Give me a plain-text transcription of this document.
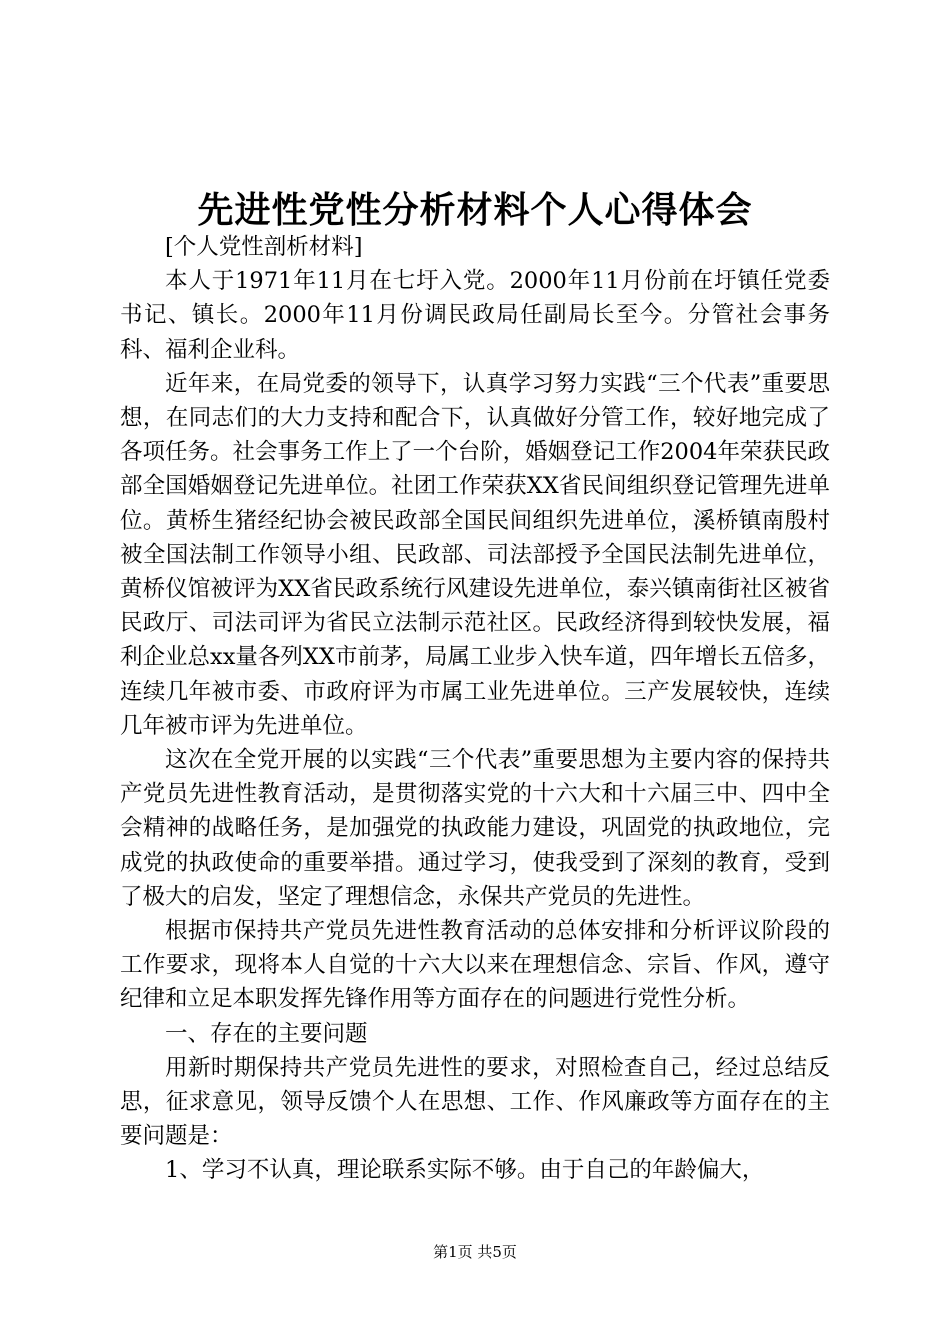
先进性党性分析材料个人心得体会

[个人党性剖析材料]

本人于1971年11月在七圩入党。2000年11月份前在圩镇任党委书记、镇长。2000年11月份调民政局任副局长至今。分管社会事务科、福利企业科。

近年来，在局党委的领导下，认真学习努力实践“三个代表”重要思想，在同志们的大力支持和配合下，认真做好分管工作，较好地完成了各项任务。社会事务工作上了一个台阶，婚姻登记工作2004年荣获民政部全国婚姻登记先进单位。社团工作荣获XX省民间组织登记管理先进单位。黄桥生猪经纪协会被民政部全国民间组织先进单位，溪桥镇南殷村被全国法制工作领导小组、民政部、司法部授予全国民法制先进单位，黄桥仪馆被评为XX省民政系统行风建设先进单位，泰兴镇南街社区被省民政厅、司法司评为省民立法制示范社区。民政经济得到较快发展，福利企业总xx量各列XX市前茅，局属工业步入快车道，四年增长五倍多，连续几年被市委、市政府评为市属工业先进单位。三产发展较快，连续几年被市评为先进单位。

这次在全党开展的以实践“三个代表”重要思想为主要内容的保持共产党员先进性教育活动，是贯彻落实党的十六大和十六届三中、四中全会精神的战略任务，是加强党的执政能力建设，巩固党的执政地位，完成党的执政使命的重要举措。通过学习，使我受到了深刻的教育，受到了极大的启发，坚定了理想信念，永保共产党员的先进性。

根据市保持共产党员先进性教育活动的总体安排和分析评议阶段的工作要求，现将本人自觉的十六大以来在理想信念、宗旨、作风，遵守纪律和立足本职发挥先锋作用等方面存在的问题进行党性分析。

一、存在的主要问题

用新时期保持共产党员先进性的要求，对照检查自己，经过总结反思，征求意见，领导反馈个人在思想、工作、作风廉政等方面存在的主要问题是：

1、学习不认真，理论联系实际不够。由于自己的年龄偏大，

第1页 共5页
